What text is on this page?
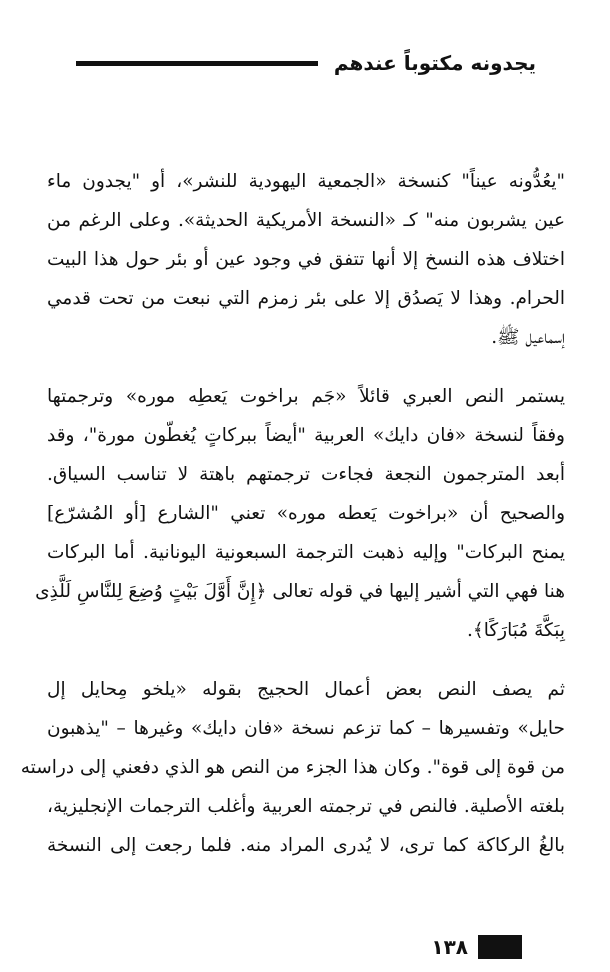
يجدونه مكتوباً عندهم
"يعُدُّونه عيناً" كنسخة «الجمعية اليهودية للنشر»، أو "يجدون ماء
عين يشربون منه" كـ «النسخة الأمريكية الحديثة». وعلى الرغم من
اختلاف هذه النسخ إلا أنها تتفق في وجود عين أو بئر حول هذا البيت
الحرام. وهذا لا يَصدُق إلا على بئر زمزم التي نبعت من تحت قدمي
إسماعيل ﷺ.
يستمر النص العبري قائلاً «جَم براخوت يَعطِه موره» وترجمتها
وفقاً لنسخة «فان دايك» العربية "أيضاً ببركاتٍ يُغطّون مورة"، وقد
أبعد المترجمون النجعة فجاءت ترجمتهم باهتة لا تناسب السياق.
والصحيح أن «براخوت يَعطه موره» تعني "الشارع [أو المُشرّع]
يمنح البركات" وإليه ذهبت الترجمة السبعونية اليونانية. أما البركات
هنا فهي التي أشير إليها في قوله تعالى ﴿إِنَّ أَوَّلَ بَيْتٍ وُضِعَ لِلنَّاسِ لَلَّذِى
بِبَكَّةَ مُبَارَكًا﴾.
ثم يصف النص بعض أعمال الحجيج بقوله «يلخو مِحايل إل
حايل» وتفسيرها – كما تزعم نسخة «فان دايك» وغيرها – "يذهبون
من قوة إلى قوة". وكان هذا الجزء من النص هو الذي دفعني إلى دراسته
بلغته الأصلية. فالنص في ترجمته العربية وأغلب الترجمات الإنجليزية،
بالغُ الركاكة كما ترى، لا يُدرى المراد منه. فلما رجعت إلى النسخة
١٣٨
